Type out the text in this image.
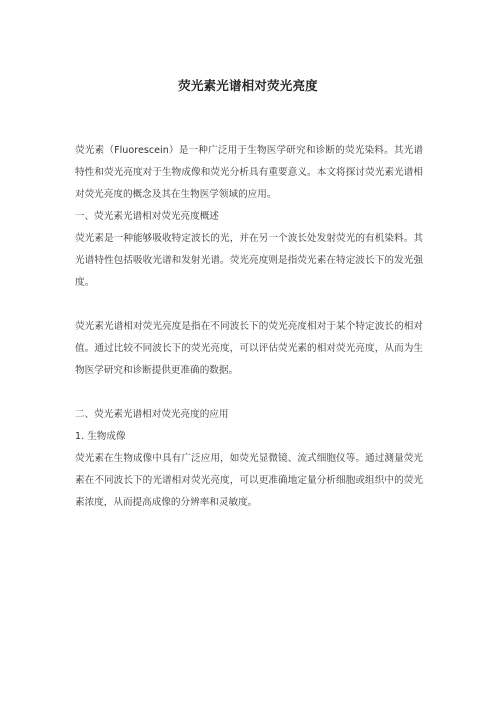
荧光素光谱相对荧光亮度

荧光素（Fluorescein）是一种广泛用于生物医学研究和诊断的荧光染料。其光谱特性和荧光亮度对于生物成像和荧光分析具有重要意义。本文将探讨荧光素光谱相对荧光亮度的概念及其在生物医学领域的应用。

一、荧光素光谱相对荧光亮度概述

荧光素是一种能够吸收特定波长的光，并在另一个波长处发射荧光的有机染料。其光谱特性包括吸收光谱和发射光谱。荧光亮度则是指荧光素在特定波长下的发光强度。

荧光素光谱相对荧光亮度是指在不同波长下的荧光亮度相对于某个特定波长的相对值。通过比较不同波长下的荧光亮度，可以评估荧光素的相对荧光亮度，从而为生物医学研究和诊断提供更准确的数据。

二、荧光素光谱相对荧光亮度的应用

1. 生物成像

荧光素在生物成像中具有广泛应用，如荧光显微镜、流式细胞仪等。通过测量荧光素在不同波长下的光谱相对荧光亮度，可以更准确地定量分析细胞或组织中的荧光素浓度，从而提高成像的分辨率和灵敏度。
